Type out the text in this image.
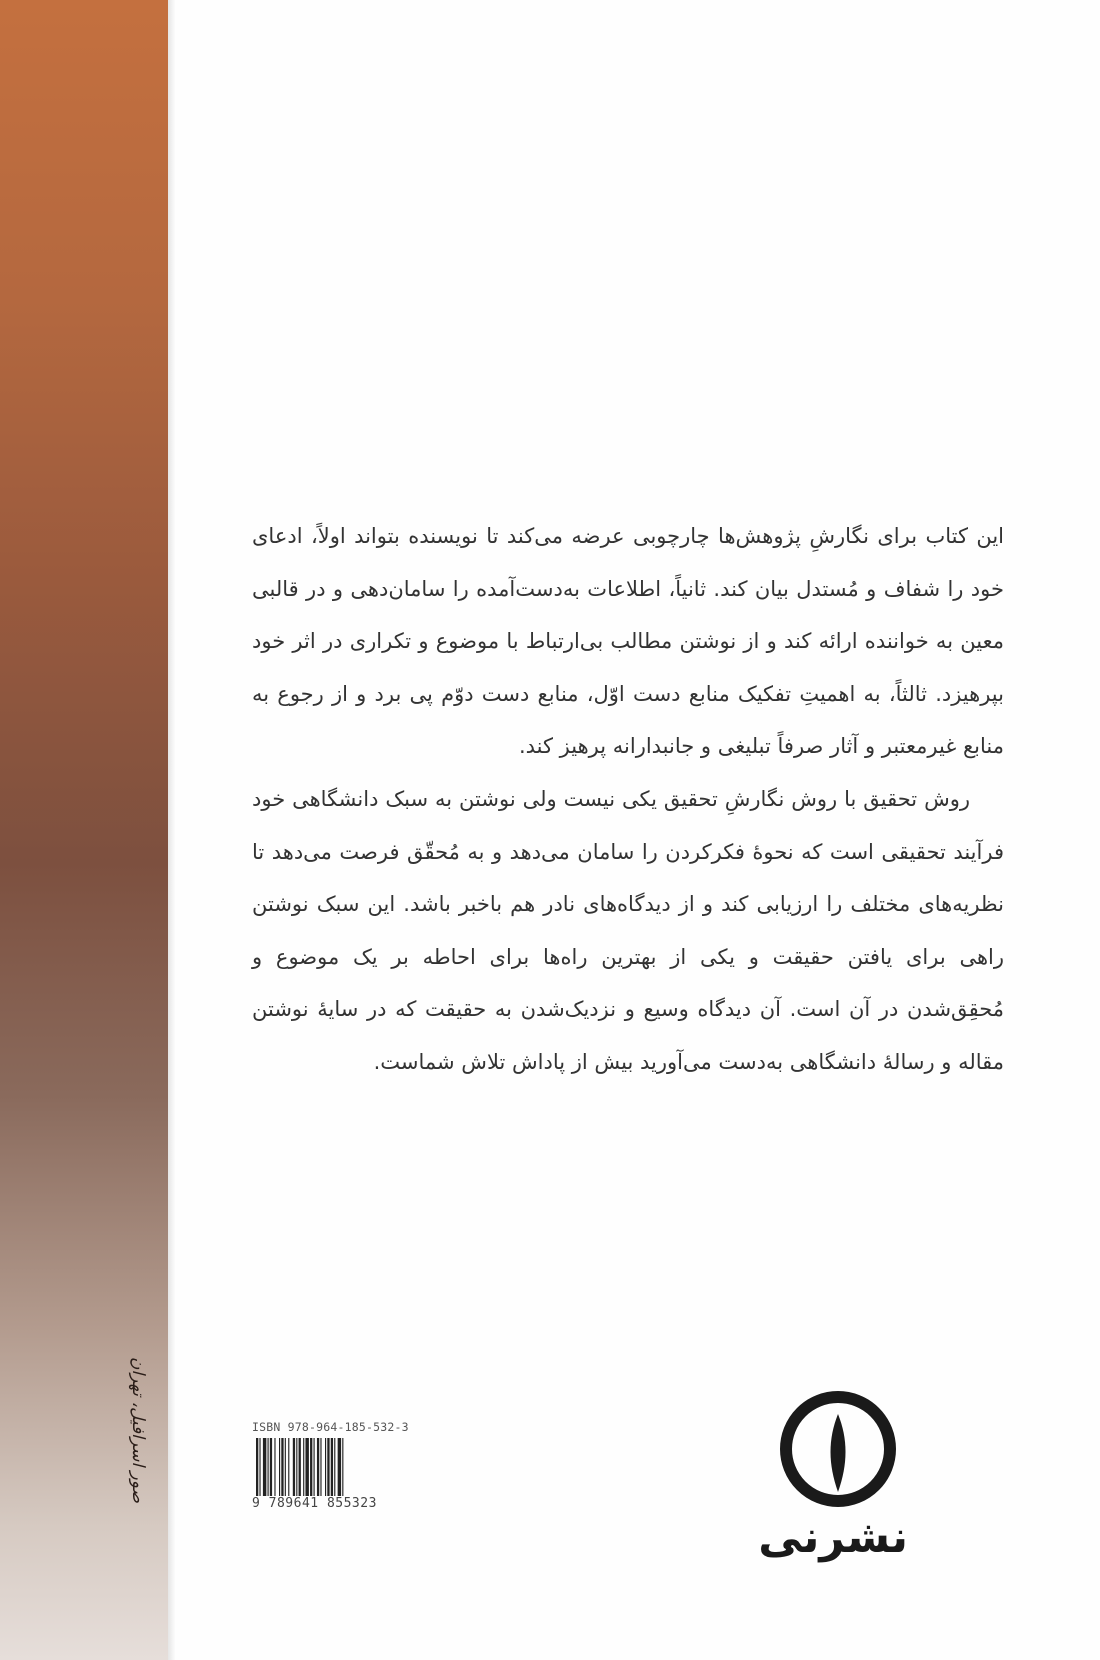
این کتاب برای نگارشِ پژوهش‌ها چارچوبی عرضه می‌کند تا نویسنده بتواند اولاً، ادعای خود را شفاف و مُستدل بیان کند. ثانیاً، اطلاعات به‌دست‌آمده را سامان‌دهی و در قالبی معین به خواننده ارائه کند و از نوشتن مطالب بی‌ارتباط با موضوع و تکراری در اثر خود بپرهیزد. ثالثاً، به اهمیتِ تفکیک منابع دست اوّل، منابع دست دوّم پی برد و از رجوع به منابع غیرمعتبر و آثار صرفاً تبلیغی و جانبدارانه پرهیز کند.

روش تحقیق با روش نگارشِ تحقیق یکی نیست ولی نوشتن به سبک دانشگاهی خود فرآیند تحقیقی است که نحوهٔ فکرکردن را سامان می‌دهد و به مُحقّق فرصت می‌دهد تا نظریه‌های مختلف را ارزیابی کند و از دیدگاه‌های نادر هم باخبر باشد. این سبک نوشتن راهی برای یافتن حقیقت و یکی از بهترین راه‌ها برای احاطه بر یک موضوع و مُحقِق‌شدن در آن است. آن دیدگاه وسیع و نزدیک‌شدن به حقیقت که در سایهٔ نوشتن مقاله و رسالهٔ دانشگاهی به‌دست می‌آورید بیش از پاداش تلاش شماست.

صور اسرافیل، تهران	ISBN 978-964-185-532-3
9 789641 855323
نشرنی
